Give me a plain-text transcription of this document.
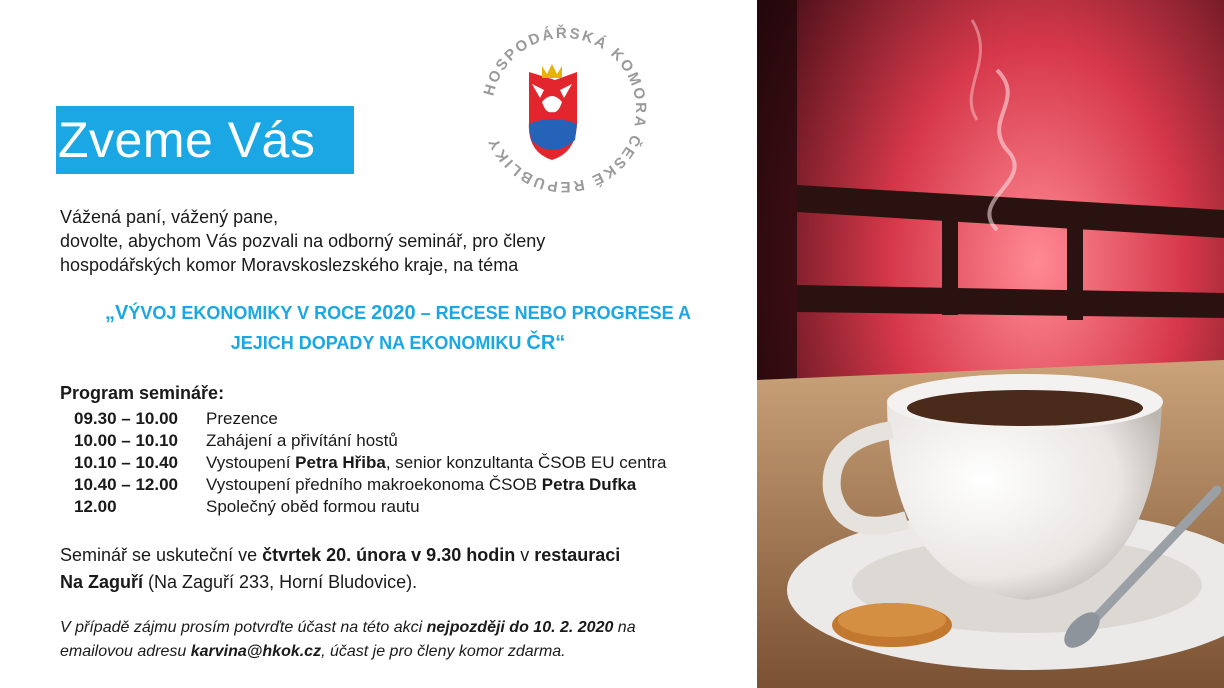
Zveme Vás
HOSPODÁŘSKÁ KOMORA ČESKÉ REPUBLIKY
Vážená paní, vážený pane,
dovolte, abychom Vás pozvali na odborný seminář, pro členy
hospodářských komor Moravskoslezského kraje, na téma
„VÝVOJ EKONOMIKY V ROCE 2020 – RECESE NEBO PROGRESE A
JEJICH DOPADY NA EKONOMIKU ČR“
Program semináře:
09.30 – 10.00 Prezence
10.00 – 10.10 Zahájení a přivítání hostů
10.10 – 10.40 Vystoupení Petra Hřiba, senior konzultanta ČSOB EU centra
10.40 – 12.00 Vystoupení předního makroekonoma ČSOB Petra Dufka
12.00	Společný oběd formou rautu
Seminář se uskuteční ve čtvrtek 20. února v 9.30 hodin v restauraci
Na Zaguří (Na Zaguří 233, Horní Bludovice).
V případě zájmu prosím potvrďte účast na této akci nejpozději do 10. 2. 2020 na
emailovou adresu karvina@hkok.cz, účast je pro členy komor zdarma.
